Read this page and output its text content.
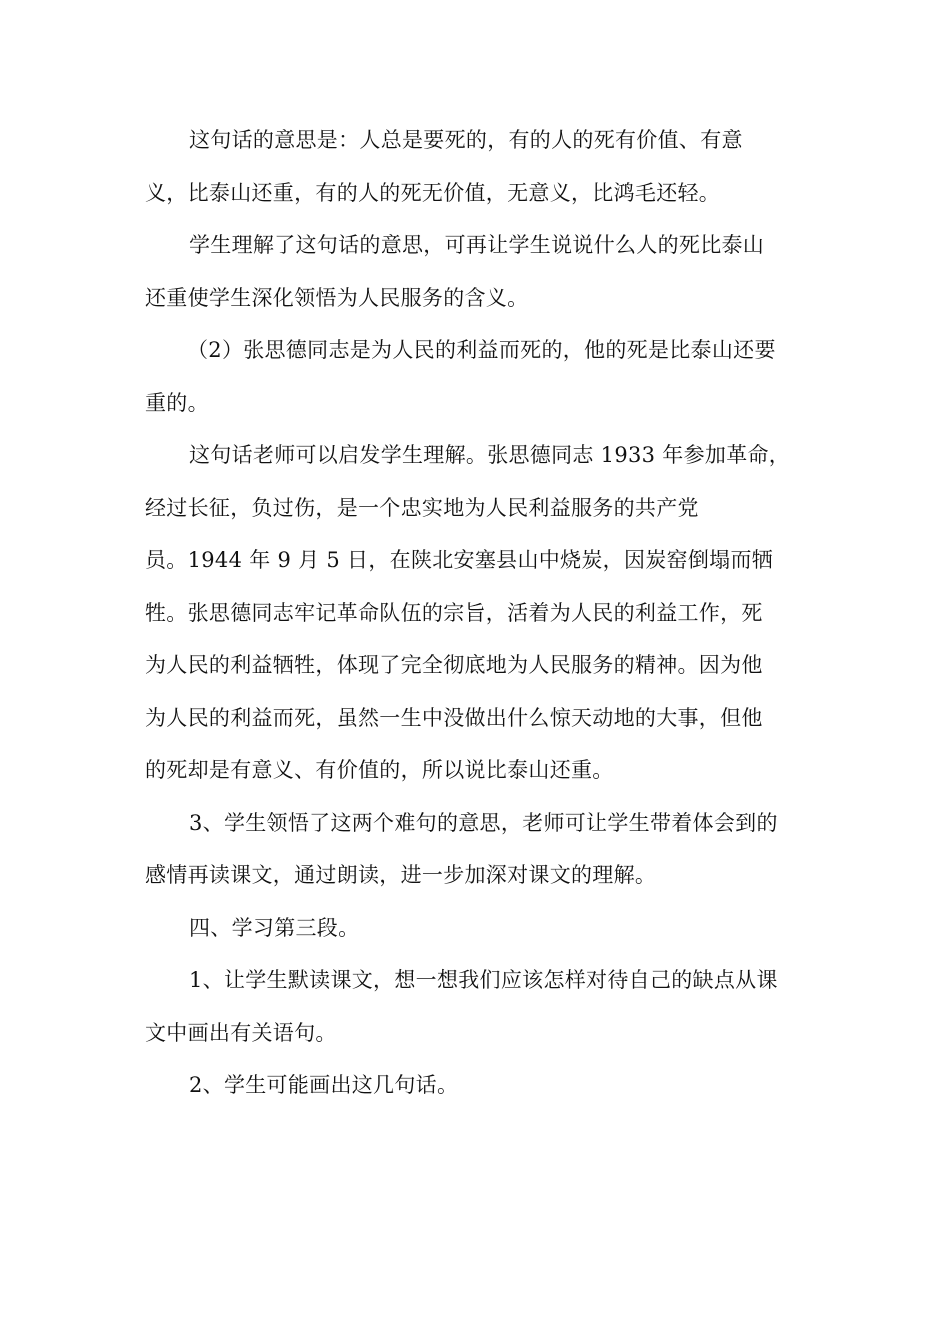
这句话的意思是：人总是要死的，有的人的死有价值、有意
义，比泰山还重，有的人的死无价值，无意义，比鸿毛还轻。
学生理解了这句话的意思，可再让学生说说什么人的死比泰山
还重使学生深化领悟为人民服务的含义。
（2）张思德同志是为人民的利益而死的，他的死是比泰山还要
重的。
这句话老师可以启发学生理解。张思德同志 1933 年参加革命，
经过长征，负过伤，是一个忠实地为人民利益服务的共产党
员。1944 年 9 月 5 日，在陕北安塞县山中烧炭，因炭窑倒塌而牺
牲。张思德同志牢记革命队伍的宗旨，活着为人民的利益工作，死
为人民的利益牺牲，体现了完全彻底地为人民服务的精神。因为他
为人民的利益而死，虽然一生中没做出什么惊天动地的大事，但他
的死却是有意义、有价值的，所以说比泰山还重。
3、学生领悟了这两个难句的意思，老师可让学生带着体会到的
感情再读课文，通过朗读，进一步加深对课文的理解。
四、学习第三段。
1、让学生默读课文，想一想我们应该怎样对待自己的缺点从课
文中画出有关语句。
2、学生可能画出这几句话。
